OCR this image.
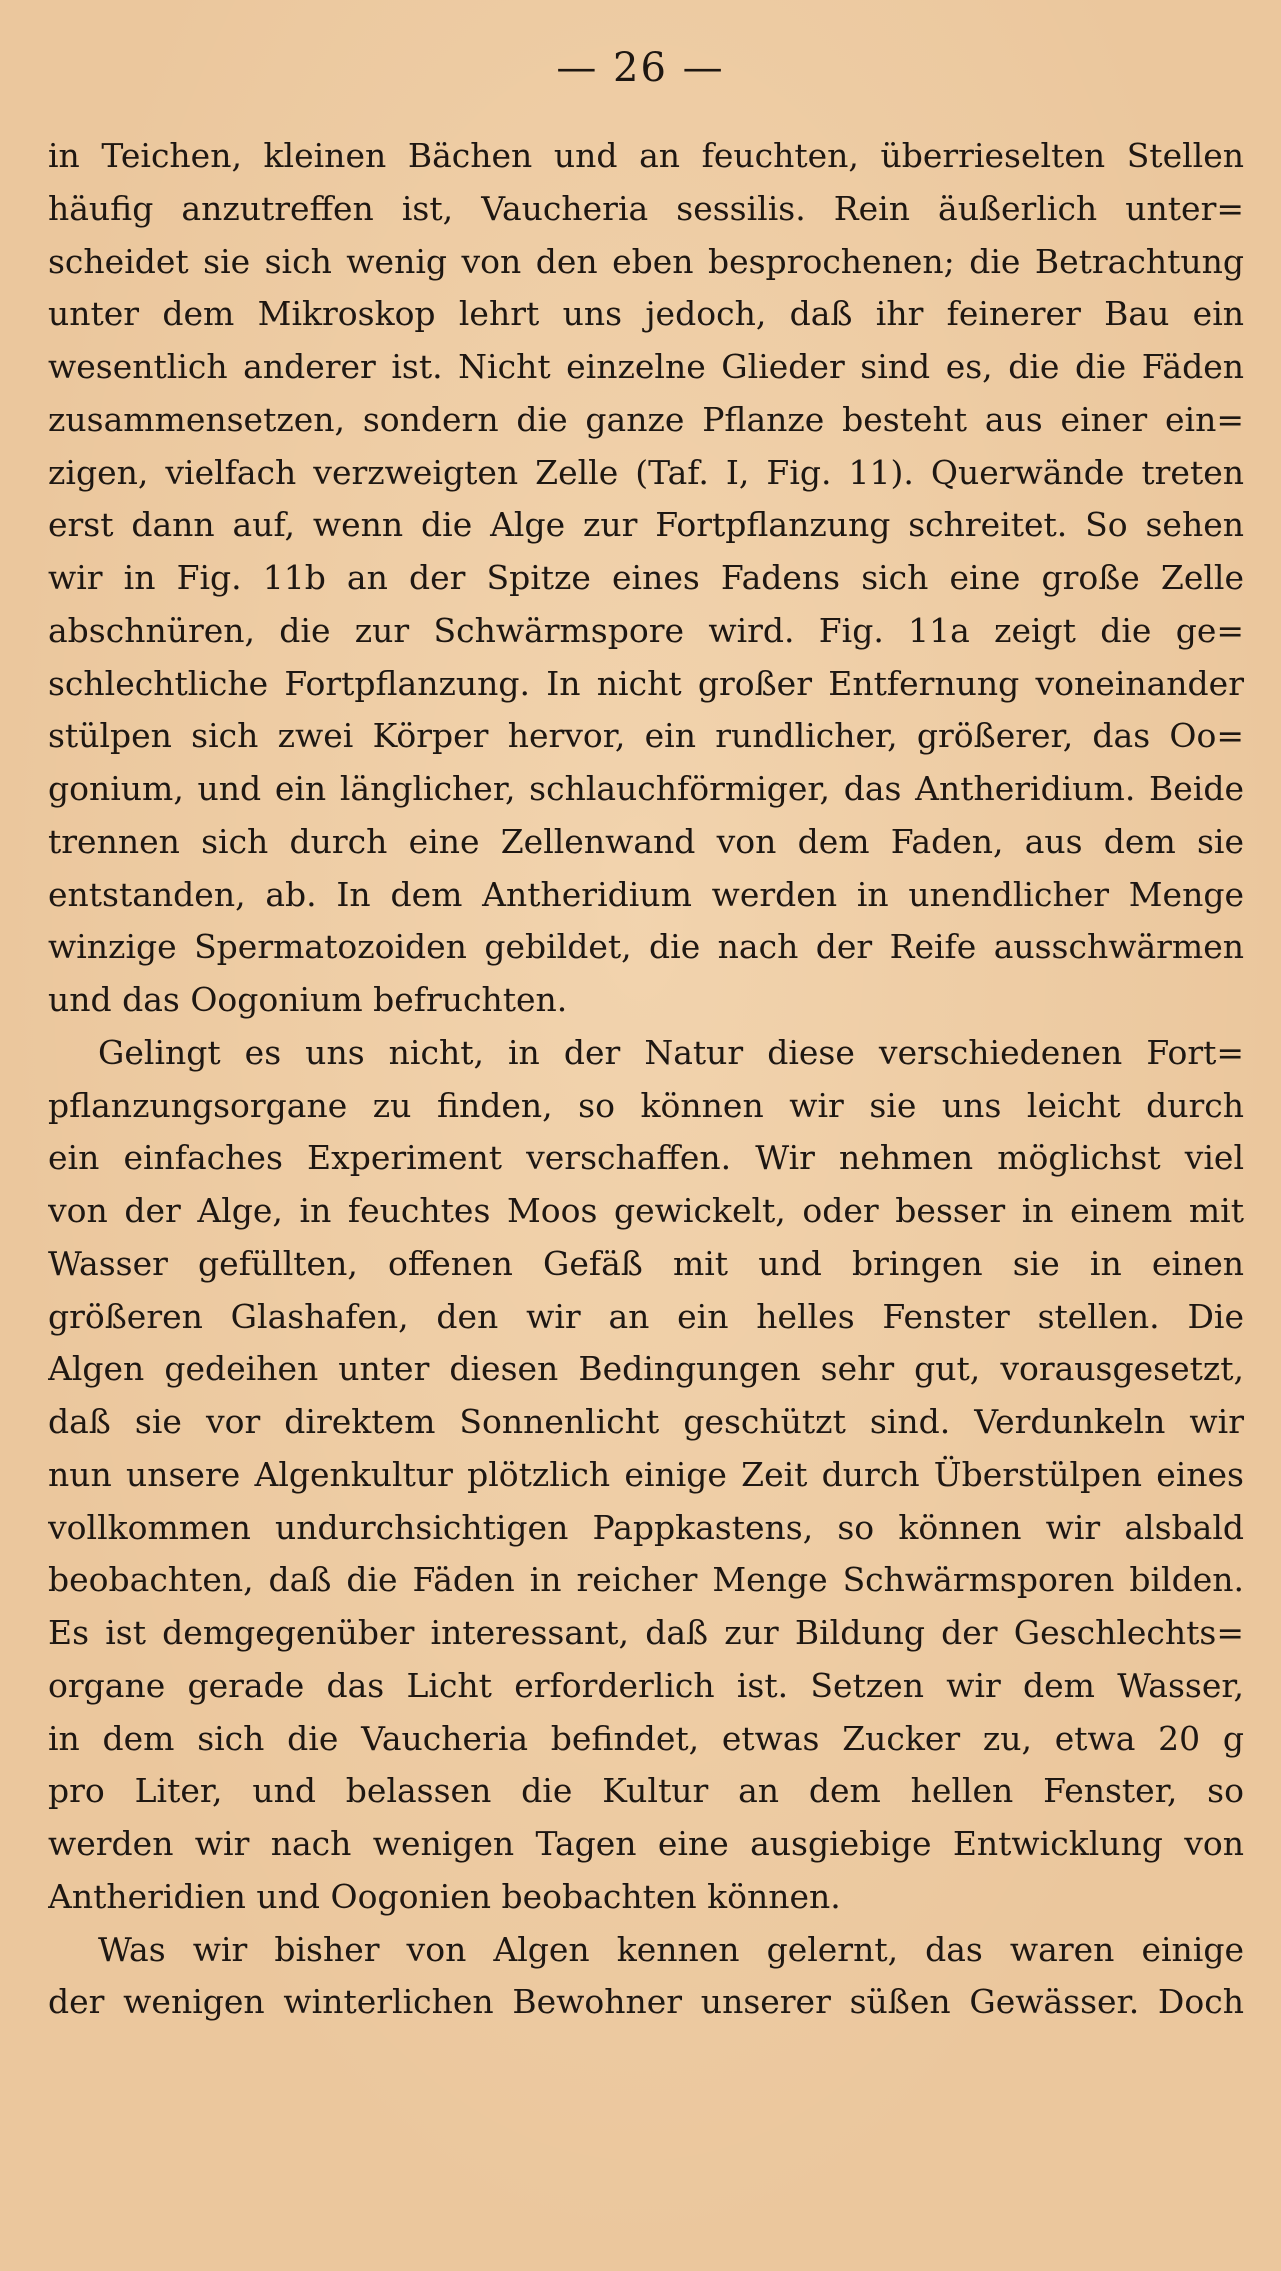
— 26 —
in Teichen, kleinen Bächen und an feuchten, überrieselten Stellen
häufig anzutreffen ist, Vaucheria sessilis. Rein äußerlich unter=
scheidet sie sich wenig von den eben besprochenen; die Betrachtung
unter dem Mikroskop lehrt uns jedoch, daß ihr feinerer Bau ein
wesentlich anderer ist. Nicht einzelne Glieder sind es, die die Fäden
zusammensetzen, sondern die ganze Pflanze besteht aus einer ein=
zigen, vielfach verzweigten Zelle (Taf. I, Fig. 11). Querwände treten
erst dann auf, wenn die Alge zur Fortpflanzung schreitet. So sehen
wir in Fig. 11b an der Spitze eines Fadens sich eine große Zelle
abschnüren, die zur Schwärmspore wird. Fig. 11a zeigt die ge=
schlechtliche Fortpflanzung. In nicht großer Entfernung voneinander
stülpen sich zwei Körper hervor, ein rundlicher, größerer, das Oo=
gonium, und ein länglicher, schlauchförmiger, das Antheridium. Beide
trennen sich durch eine Zellenwand von dem Faden, aus dem sie
entstanden, ab. In dem Antheridium werden in unendlicher Menge
winzige Spermatozoiden gebildet, die nach der Reife ausschwärmen
und das Oogonium befruchten.
Gelingt es uns nicht, in der Natur diese verschiedenen Fort=
pflanzungsorgane zu finden, so können wir sie uns leicht durch
ein einfaches Experiment verschaffen. Wir nehmen möglichst viel
von der Alge, in feuchtes Moos gewickelt, oder besser in einem mit
Wasser gefüllten, offenen Gefäß mit und bringen sie in einen
größeren Glashafen, den wir an ein helles Fenster stellen. Die
Algen gedeihen unter diesen Bedingungen sehr gut, vorausgesetzt,
daß sie vor direktem Sonnenlicht geschützt sind. Verdunkeln wir
nun unsere Algenkultur plötzlich einige Zeit durch Überstülpen eines
vollkommen undurchsichtigen Pappkastens, so können wir alsbald
beobachten, daß die Fäden in reicher Menge Schwärmsporen bilden.
Es ist demgegenüber interessant, daß zur Bildung der Geschlechts=
organe gerade das Licht erforderlich ist. Setzen wir dem Wasser,
in dem sich die Vaucheria befindet, etwas Zucker zu, etwa 20 g
pro Liter, und belassen die Kultur an dem hellen Fenster, so
werden wir nach wenigen Tagen eine ausgiebige Entwicklung von
Antheridien und Oogonien beobachten können.
Was wir bisher von Algen kennen gelernt, das waren einige
der wenigen winterlichen Bewohner unserer süßen Gewässer. Doch
